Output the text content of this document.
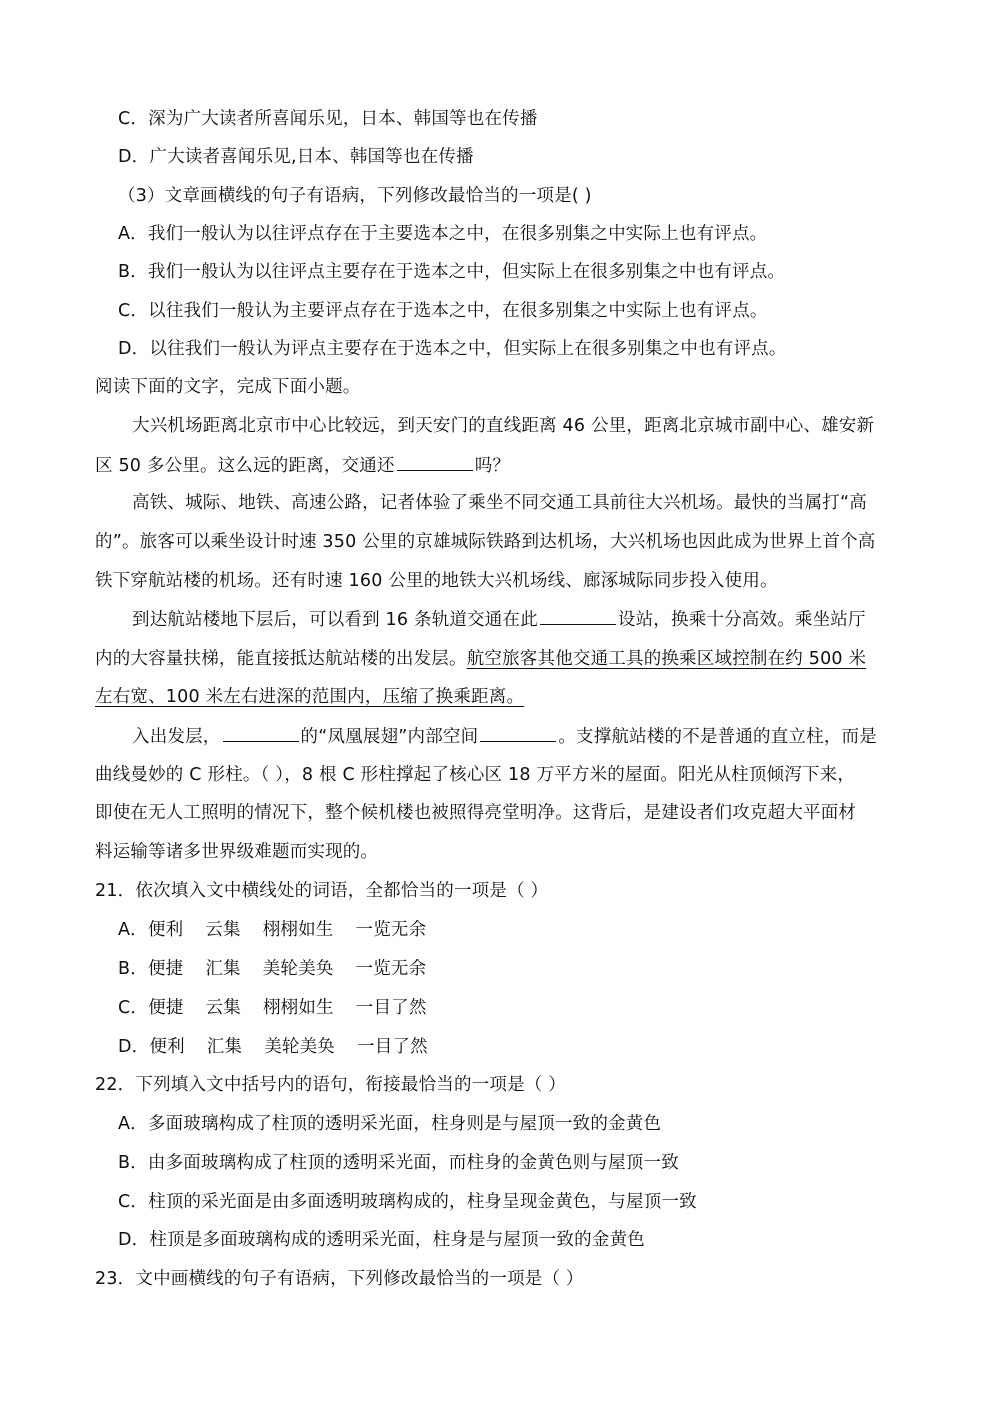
C．深为广大读者所喜闻乐见，日本、韩国等也在传播
D．广大读者喜闻乐见,日本、韩国等也在传播
（3）文章画横线的句子有语病，下列修改最恰当的一项是( )
A．我们一般认为以往评点存在于主要选本之中，在很多别集之中实际上也有评点。
B．我们一般认为以往评点主要存在于选本之中，但实际上在很多别集之中也有评点。
C．以往我们一般认为主要评点存在于选本之中，在很多别集之中实际上也有评点。
D．以往我们一般认为评点主要存在于选本之中，但实际上在很多别集之中也有评点。
阅读下面的文字，完成下面小题。
大兴机场距离北京市中心比较远，到天安门的直线距离 46 公里，距离北京城市副中心、雄安新
区 50 多公里。这么远的距离，交通还	吗？
高铁、城际、地铁、高速公路，记者体验了乘坐不同交通工具前往大兴机场。最快的当属打“高
的”。旅客可以乘坐设计时速 350 公里的京雄城际铁路到达机场，大兴机场也因此成为世界上首个高
铁下穿航站楼的机场。还有时速 160 公里的地铁大兴机场线、廊涿城际同步投入使用。
到达航站楼地下层后，可以看到 16 条轨道交通在此	设站，换乘十分高效。乘坐站厅
内的大容量扶梯，能直接抵达航站楼的出发层。航空旅客其他交通工具的换乘区域控制在约 500 米
左右宽、100 米左右进深的范围内，压缩了换乘距离。
入出发层，	的“凤凰展翅”内部空间	。支撑航站楼的不是普通的直立柱，而是
曲线曼妙的 C 形柱。（ ），8 根 C 形柱撑起了核心区 18 万平方米的屋面。阳光从柱顶倾泻下来，
即使在无人工照明的情况下，整个候机楼也被照得亮堂明净。这背后，是建设者们攻克超大平面材
料运输等诸多世界级难题而实现的。
21．依次填入文中横线处的词语，全都恰当的一项是（ ）
A．便利 云集 栩栩如生 一览无余
B．便捷 汇集 美轮美奂 一览无余
C．便捷 云集 栩栩如生 一目了然
D．便利 汇集 美轮美奂 一目了然
22．下列填入文中括号内的语句，衔接最恰当的一项是（ ）
A．多面玻璃构成了柱顶的透明采光面，柱身则是与屋顶一致的金黄色
B．由多面玻璃构成了柱顶的透明采光面，而柱身的金黄色则与屋顶一致
C．柱顶的采光面是由多面透明玻璃构成的，柱身呈现金黄色，与屋顶一致
D．柱顶是多面玻璃构成的透明采光面，柱身是与屋顶一致的金黄色
23．文中画横线的句子有语病，下列修改最恰当的一项是（ ）
